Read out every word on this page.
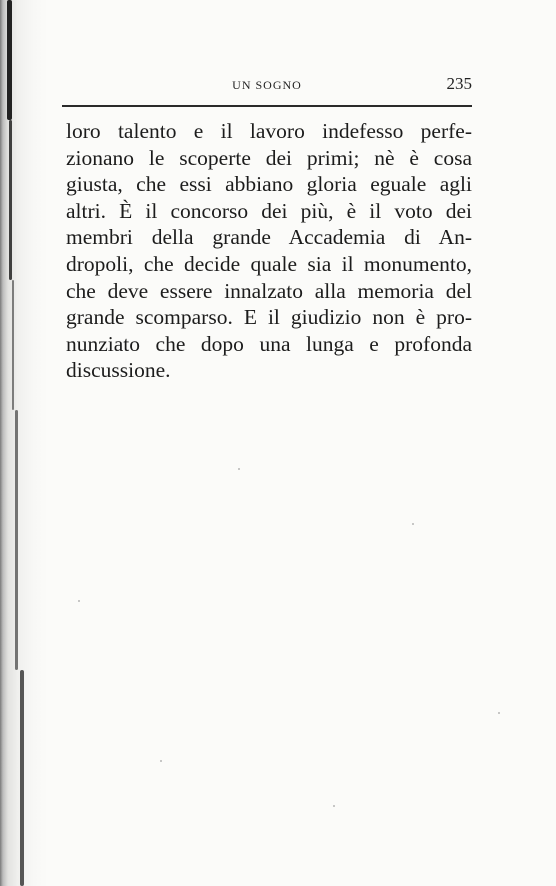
UN SOGNO	235
loro talento e il lavoro indefesso perfe-
zionano le scoperte dei primi; nè è cosa
giusta, che essi abbiano gloria eguale agli
altri. È il concorso dei più, è il voto dei
membri della grande Accademia di An-
dropoli, che decide quale sia il monumento,
che deve essere innalzato alla memoria del
grande scomparso. E il giudizio non è pro-
nunziato che dopo una lunga e profonda
discussione.
